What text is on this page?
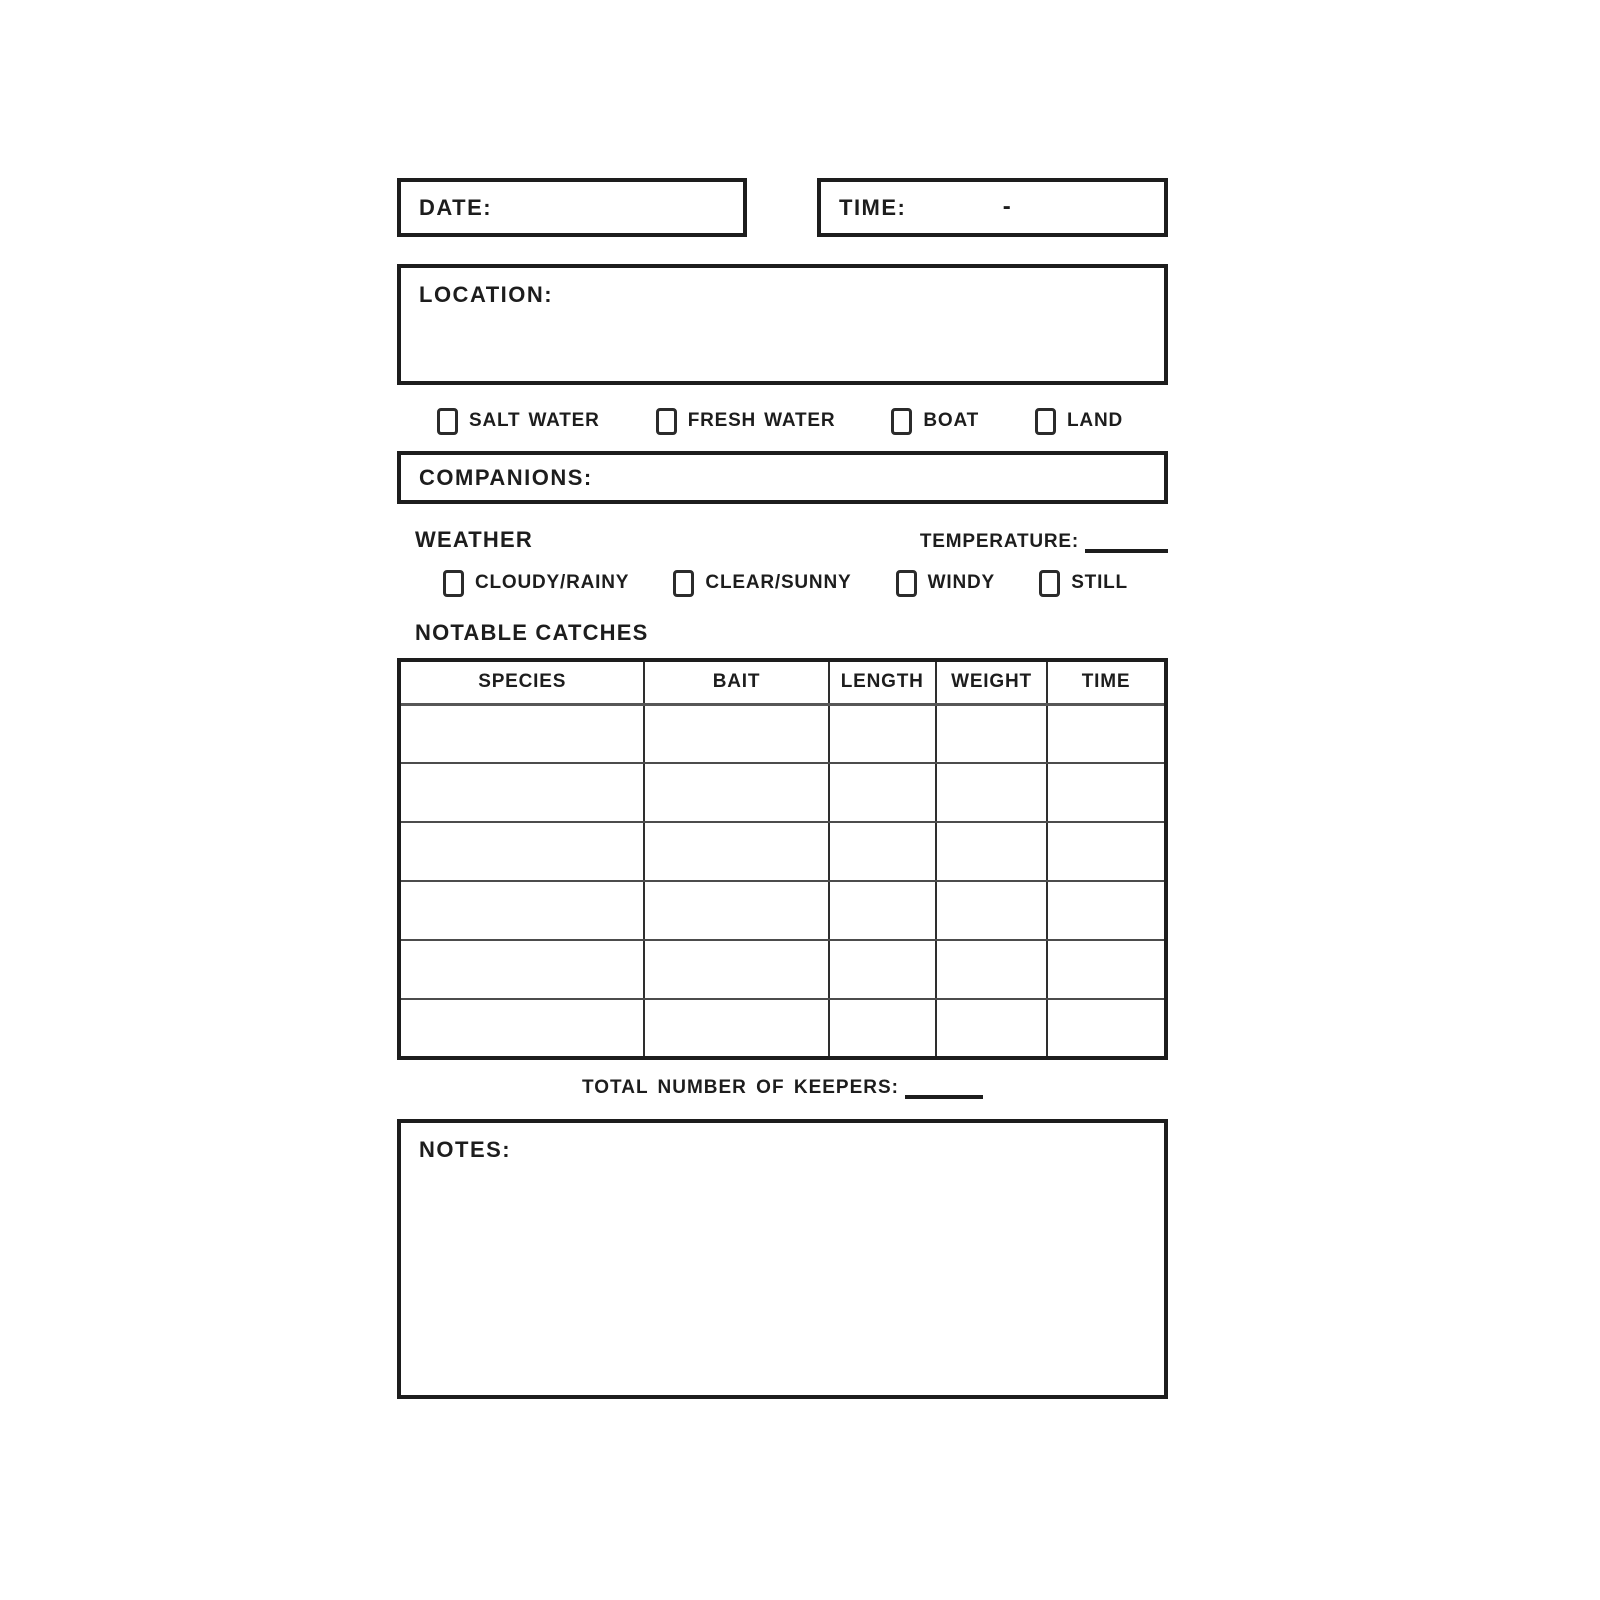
DATE:	TIME:	-
LOCATION:
SALT WATER	FRESH WATER	BOAT	LAND
COMPANIONS:
WEATHER	TEMPERATURE:
CLOUDY/RAINY	CLEAR/SUNNY	WINDY	STILL
NOTABLE CATCHES
SPECIES	BAIT	LENGTH	WEIGHT	TIME

TOTAL NUMBER OF KEEPERS:
NOTES:
